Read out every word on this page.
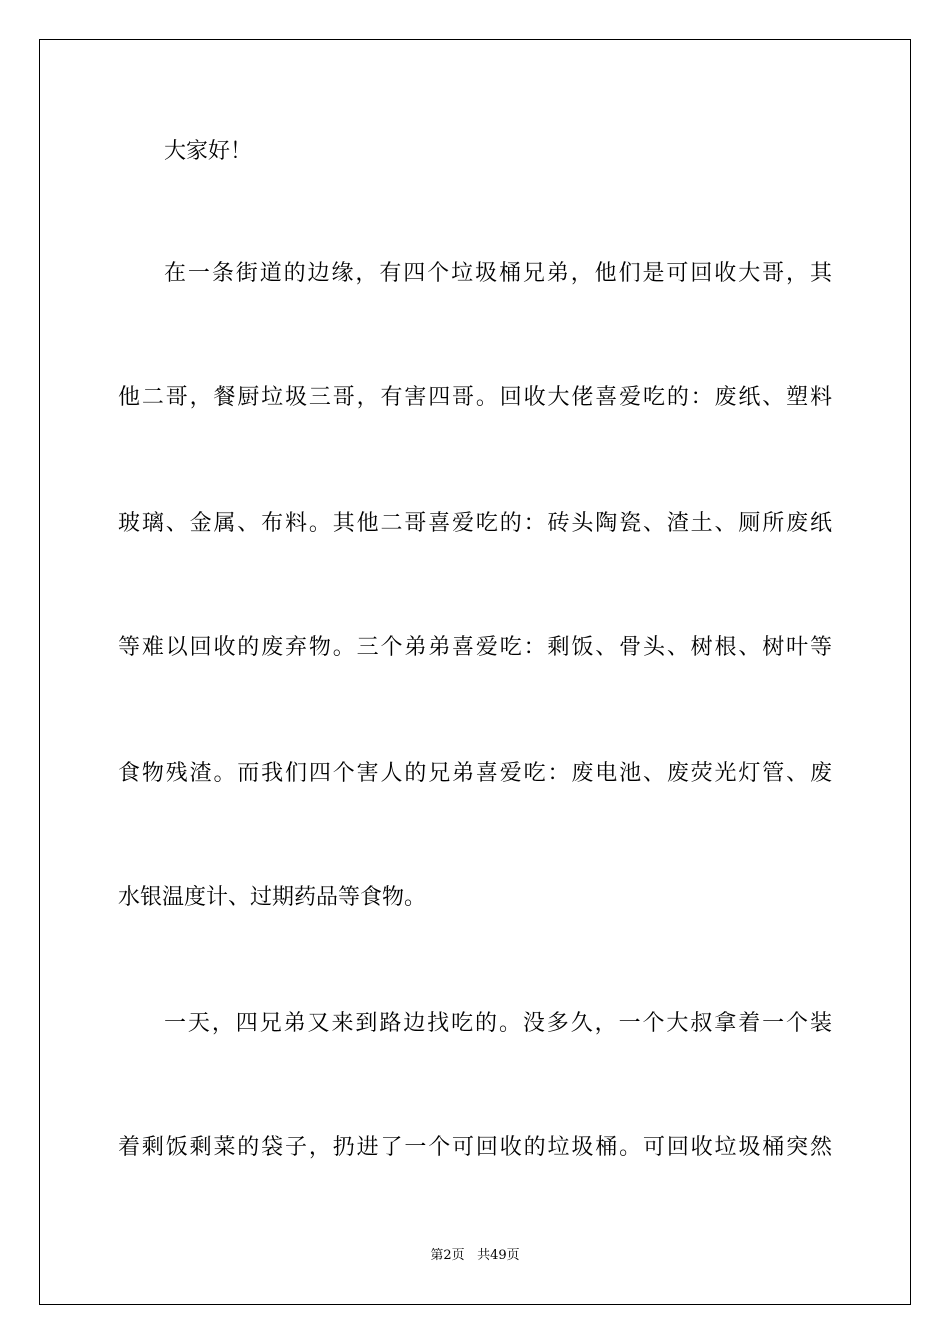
大家好！
在一条街道的边缘，有四个垃圾桶兄弟，他们是可回收大哥，其
他二哥，餐厨垃圾三哥，有害四哥。回收大佬喜爱吃的：废纸、塑料
玻璃、金属、布料。其他二哥喜爱吃的：砖头陶瓷、渣土、厕所废纸
等难以回收的废弃物。三个弟弟喜爱吃：剩饭、骨头、树根、树叶等
食物残渣。而我们四个害人的兄弟喜爱吃：废电池、废荧光灯管、废
水银温度计、过期药品等食物。
一天，四兄弟又来到路边找吃的。没多久，一个大叔拿着一个装
着剩饭剩菜的袋子，扔进了一个可回收的垃圾桶。可回收垃圾桶突然
第2页 共49页
